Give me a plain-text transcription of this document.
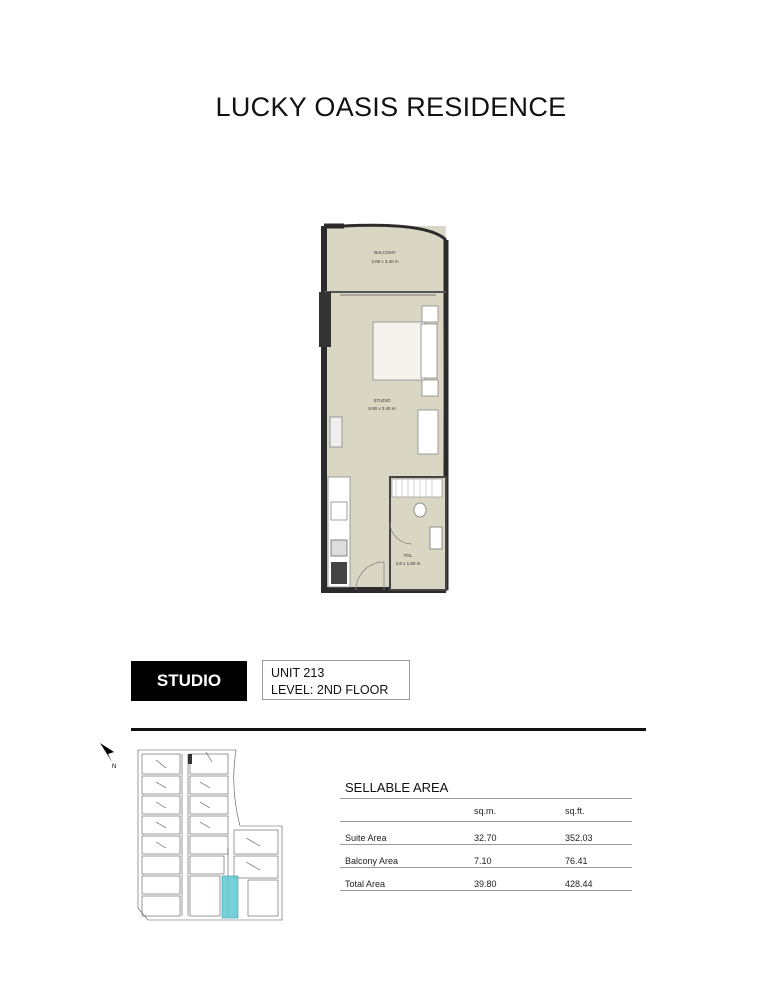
LUCKY OASIS RESIDENCE
BALCONY
2.00 x 3.40 m
STUDIO
8.90 x 3.40 m
TOL
2.6 x 1.50 m
STUDIO	UNIT 213
LEVEL: 2ND FLOOR
N
SELLABLE AREA
sq.m.	sq.ft.
Suite Area	32.70	352.03
Balcony Area	7.10	76.41
Total Area	39.80	428.44
